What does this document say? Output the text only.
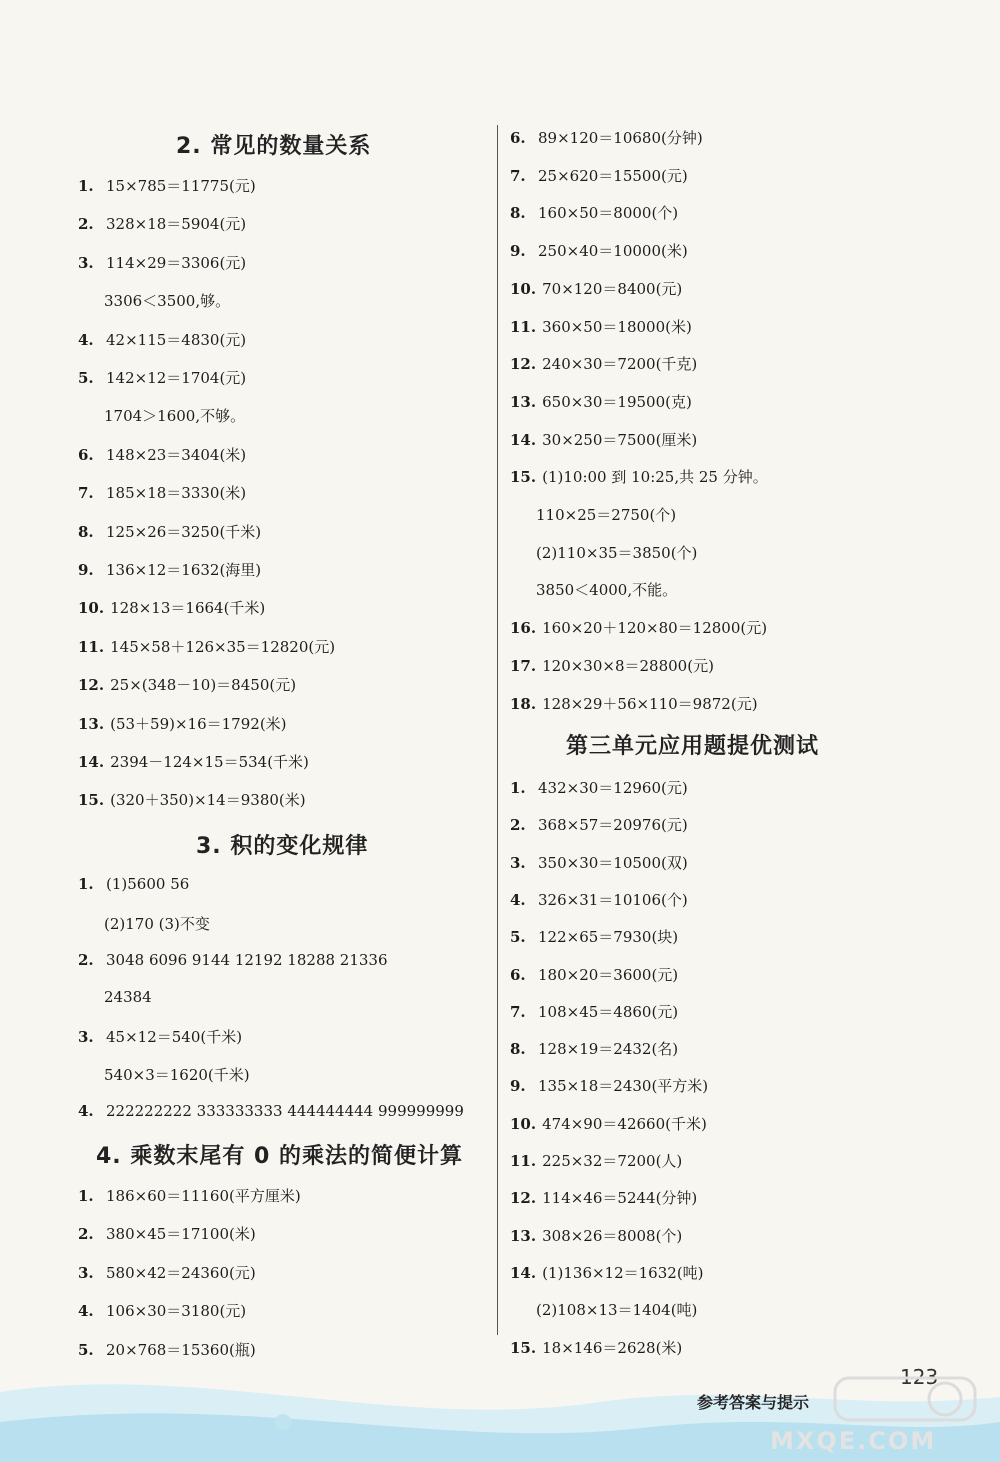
2. 常见的数量关系
1. 15×785＝11775(元)
2. 328×18＝5904(元)
3. 114×29＝3306(元)
3306＜3500,够。
4. 42×115＝4830(元)
5. 142×12＝1704(元)
1704＞1600,不够。
6. 148×23＝3404(米)
7. 185×18＝3330(米)
8. 125×26＝3250(千米)
9. 136×12＝1632(海里)
10. 128×13＝1664(千米)
11. 145×58＋126×35＝12820(元)
12. 25×(348－10)＝8450(元)
13. (53＋59)×16＝1792(米)
14. 2394－124×15＝534(千米)
15. (320＋350)×14＝9380(米)
3. 积的变化规律
1. (1)5600 56
(2)170 (3)不变
2. 3048 6096 9144 12192 18288 21336
24384
3. 45×12＝540(千米)
540×3＝1620(千米)
4. 222222222 333333333 444444444 999999999
4. 乘数末尾有 0 的乘法的简便计算
1. 186×60＝11160(平方厘米)
2. 380×45＝17100(米)
3. 580×42＝24360(元)
4. 106×30＝3180(元)
5. 20×768＝15360(瓶)
6. 89×120＝10680(分钟)
7. 25×620＝15500(元)
8. 160×50＝8000(个)
9. 250×40＝10000(米)
10. 70×120＝8400(元)
11. 360×50＝18000(米)
12. 240×30＝7200(千克)
13. 650×30＝19500(克)
14. 30×250＝7500(厘米)
15. (1)10:00 到 10:25,共 25 分钟。
110×25＝2750(个)
(2)110×35＝3850(个)
3850＜4000,不能。
16. 160×20＋120×80＝12800(元)
17. 120×30×8＝28800(元)
18. 128×29＋56×110＝9872(元)
第三单元应用题提优测试
1. 432×30＝12960(元)
2. 368×57＝20976(元)
3. 350×30＝10500(双)
4. 326×31＝10106(个)
5. 122×65＝7930(块)
6. 180×20＝3600(元)
7. 108×45＝4860(元)
8. 128×19＝2432(名)
9. 135×18＝2430(平方米)
10. 474×90＝42660(千米)
11. 225×32＝7200(人)
12. 114×46＝5244(分钟)
13. 308×26＝8008(个)
14. (1)136×12＝1632(吨)
(2)108×13＝1404(吨)
15. 18×146＝2628(米)
123
参考答案与提示
MXQE.COM
